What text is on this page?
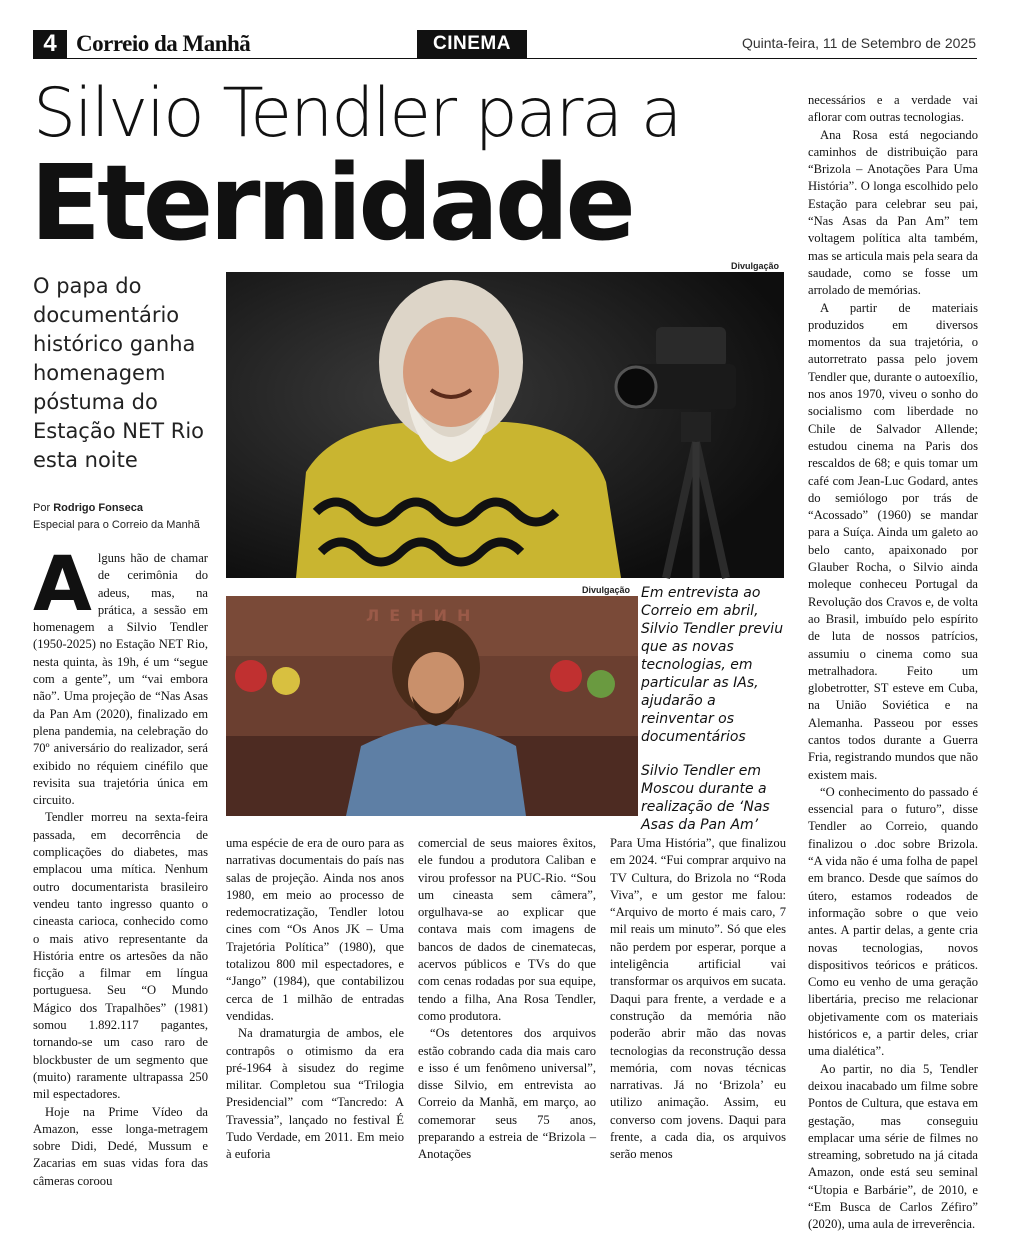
4 Correio da Manhã	CINEMA	Quinta-feira, 11 de Setembro de 2025
Silvio Tendler para a
Eternidade
O papa do documentário histórico ganha homenagem póstuma do Estação NET Rio esta noite
Por Rodrigo Fonseca
Especial para o Correio da Manhã
Divulgação
Divulgação
ЛЕНИН

Em entrevista ao Correio em abril, Silvio Tendler previu que as novas tecnologias, em particular as IAs, ajudarão a reinventar os documentários

Silvio Tendler em Moscou durante a realização de ‘Nas Asas da Pan Am’

A lguns hão de chamar de cerimônia do adeus, mas, na prática, a sessão em homenagem a Silvio Tendler (1950-2025) no Estação NET Rio, nesta quinta, às 19h, é um “segue com a gente”, um “vai embora não”. Uma projeção de “Nas Asas da Pan Am (2020), finalizado em plena pandemia, na celebração do 70º aniversário do realizador, será exibido no réquiem cinéfilo que revisita sua trajetória única em circuito.

Tendler morreu na sexta-feira passada, em decorrência de complicações do diabetes, mas emplacou uma mítica. Nenhum outro documentarista brasileiro vendeu tanto ingresso quanto o cineasta carioca, conhecido como o mais ativo representante da História entre os artesões da não ficção a filmar em língua portuguesa. Seu “O Mundo Mágico dos Trapalhões” (1981) somou 1.892.117 pagantes, tornando-se um caso raro de blockbuster de um segmento que (muito) raramente ultrapassa 250 mil espectadores.

Hoje na Prime Vídeo da Amazon, esse longa-metragem sobre Didi, Dedé, Mussum e Zacarias em suas vidas fora das câmeras coroou

uma espécie de era de ouro para as narrativas documentais do país nas salas de projeção. Ainda nos anos 1980, em meio ao processo de redemocratização, Tendler lotou cines com “Os Anos JK – Uma Trajetória Política” (1980), que totalizou 800 mil espectadores, e “Jango” (1984), que contabilizou cerca de 1 milhão de entradas vendidas.

Na dramaturgia de ambos, ele contrapôs o otimismo da era pré-1964 à sisudez do regime militar. Completou sua “Trilogia Presidencial” com “Tancredo: A Travessia”, lançado no festival É Tudo Verdade, em 2011. Em meio à euforia

comercial de seus maiores êxitos, ele fundou a produtora Caliban e virou professor na PUC-Rio. “Sou um cineasta sem câmera”, orgulhava-se ao explicar que contava mais com imagens de bancos de dados de cinematecas, acervos públicos e TVs do que com cenas rodadas por sua equipe, tendo a filha, Ana Rosa Tendler, como produtora.

“Os detentores dos arquivos estão cobrando cada dia mais caro e isso é um fenômeno universal”, disse Silvio, em entrevista ao Correio da Manhã, em março, ao comemorar seus 75 anos, preparando a estreia de “Brizola – Anotações

Para Uma História”, que finalizou em 2024. “Fui comprar arquivo na TV Cultura, do Brizola no “Roda Viva”, e um gestor me falou: “Arquivo de morto é mais caro, 7 mil reais um minuto”. Só que eles não perdem por esperar, porque a inteligência artificial vai transformar os arquivos em sucata. Daqui para frente, a verdade e a construção da memória não poderão abrir mão das novas tecnologias da reconstrução dessa memória, com novas técnicas narrativas. Já no ‘Brizola’ eu utilizo animação. Assim, eu converso com jovens. Daqui para frente, a cada dia, os arquivos serão menos

necessários e a verdade vai aflorar com outras tecnologias.

Ana Rosa está negociando caminhos de distribuição para “Brizola – Anotações Para Uma História”. O longa escolhido pelo Estação para celebrar seu pai, “Nas Asas da Pan Am” tem voltagem política alta também, mas se articula mais pela seara da saudade, como se fosse um arrolado de memórias.

A partir de materiais produzidos em diversos momentos da sua trajetória, o autorretrato passa pelo jovem Tendler que, durante o autoexílio, nos anos 1970, viveu o sonho do socialismo com liberdade no Chile de Salvador Allende; estudou cinema na Paris dos rescaldos de 68; e quis tomar um café com Jean-Luc Godard, antes do semiólogo por trás de “Acossado” (1960) se mandar para a Suíça. Ainda um galeto ao belo canto, apaixonado por Glauber Rocha, o Silvio ainda moleque conheceu Portugal da Revolução dos Cravos e, de volta ao Brasil, imbuído pelo espírito de luta de nossos patrícios, assumiu o cinema como sua metralhadora. Feito um globetrotter, ST esteve em Cuba, na União Soviética e na Alemanha. Passeou por esses cantos todos durante a Guerra Fria, registrando mundos que não existem mais.

“O conhecimento do passado é essencial para o futuro”, disse Tendler ao Correio, quando finalizou o .doc sobre Brizola. “A vida não é uma folha de papel em branco. Desde que saímos do útero, estamos rodeados de informação sobre o que veio antes. A partir delas, a gente cria novas tecnologias, novos dispositivos teóricos e práticos. Como eu venho de uma geração libertária, preciso me relacionar objetivamente com os materiais históricos e, a partir deles, criar uma dialética”.

Ao partir, no dia 5, Tendler deixou inacabado um filme sobre Pontos de Cultura, que estava em gestação, mas conseguiu emplacar uma série de filmes no streaming, sobretudo na já citada Amazon, onde está seu seminal “Utopia e Barbárie”, de 2010, e “Em Busca de Carlos Zéfiro” (2020), uma aula de irreverência.
